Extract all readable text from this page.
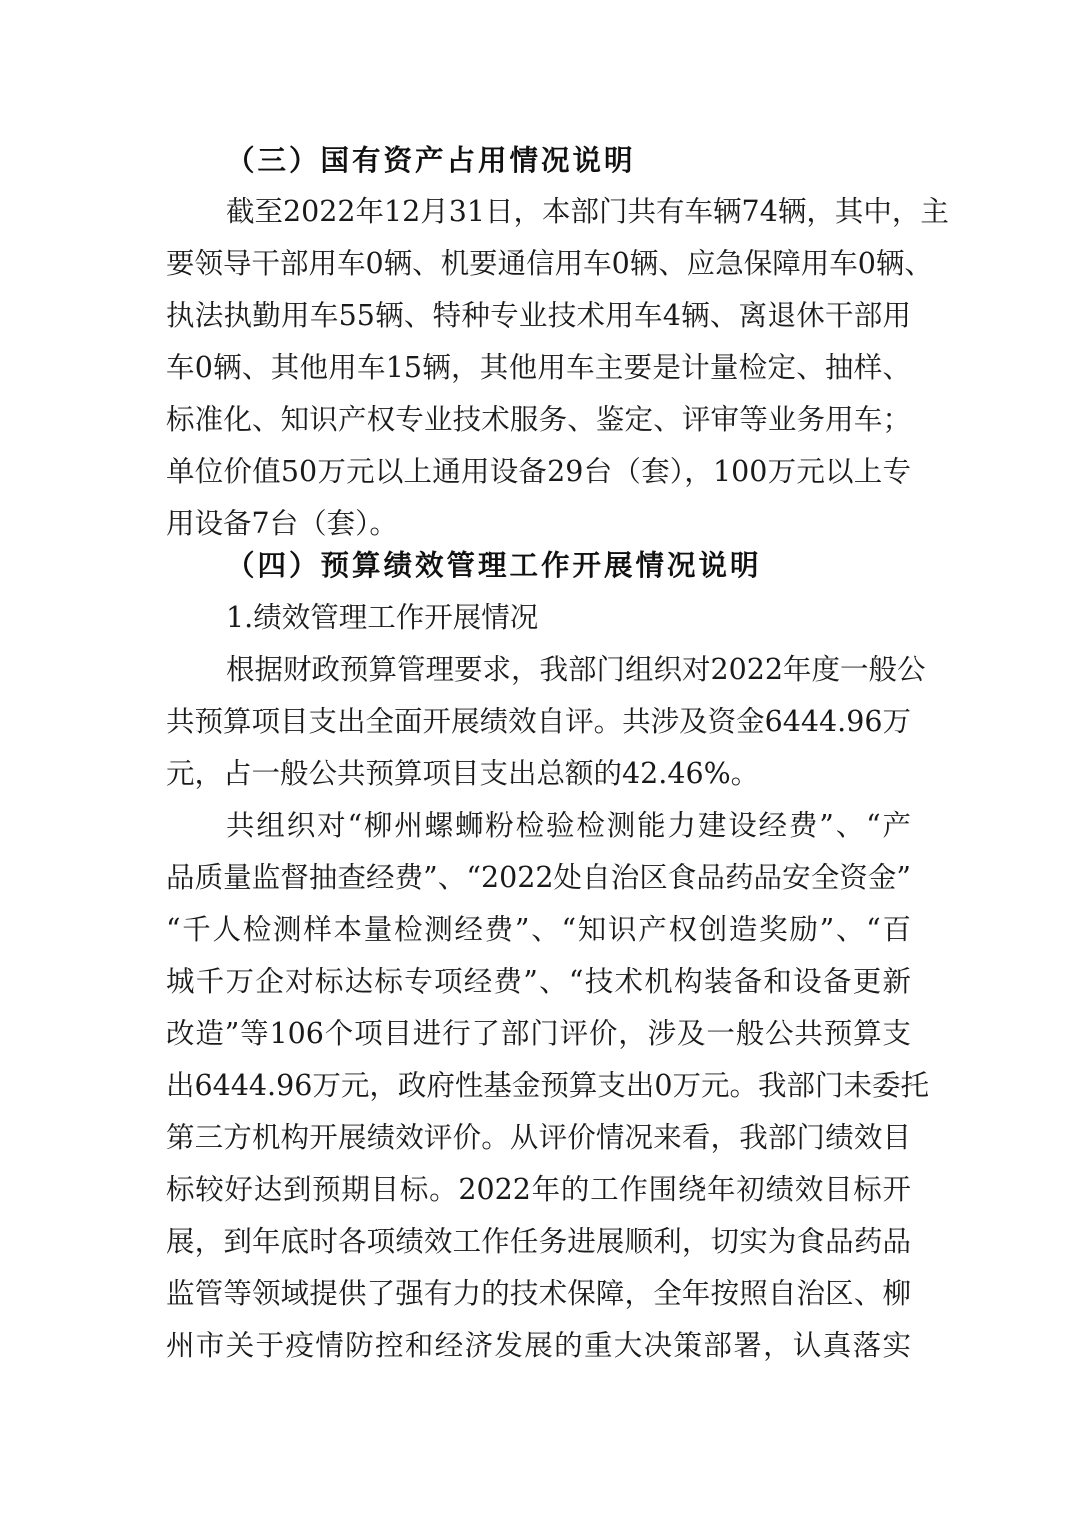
（三）国有资产占用情况说明
截至2022年12月31日，本部门共有车辆74辆，其中，主
要领导干部用车0辆、机要通信用车0辆、应急保障用车0辆、
执法执勤用车55辆、特种专业技术用车4辆、离退休干部用
车0辆、其他用车15辆，其他用车主要是计量检定、抽样、
标准化、知识产权专业技术服务、鉴定、评审等业务用车；
单位价值50万元以上通用设备29台（套），100万元以上专
用设备7台（套）。
（四）预算绩效管理工作开展情况说明
1.绩效管理工作开展情况
根据财政预算管理要求，我部门组织对2022年度一般公
共预算项目支出全面开展绩效自评。共涉及资金6444.96万
元，占一般公共预算项目支出总额的42.46%。
共组织对“柳州螺蛳粉检验检测能力建设经费”、“产
品质量监督抽查经费”、“2022处自治区食品药品安全资金”
“千人检测样本量检测经费”、“知识产权创造奖励”、“百
城千万企对标达标专项经费”、“技术机构装备和设备更新
改造”等106个项目进行了部门评价，涉及一般公共预算支
出6444.96万元，政府性基金预算支出0万元。我部门未委托
第三方机构开展绩效评价。从评价情况来看，我部门绩效目
标较好达到预期目标。2022年的工作围绕年初绩效目标开
展，到年底时各项绩效工作任务进展顺利，切实为食品药品
监管等领域提供了强有力的技术保障，全年按照自治区、柳
州市关于疫情防控和经济发展的重大决策部署，认真落实
